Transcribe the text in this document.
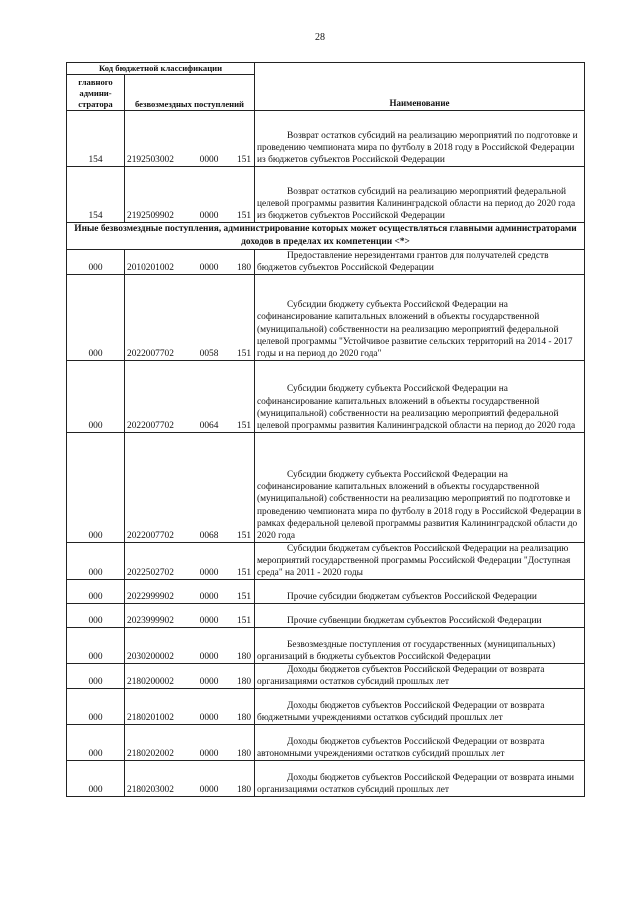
28
Код бюджетной классификации		Наименование
главного админи-стратора	безвозмездных поступлений	
154	2192503002 0000 151	Возврат остатков субсидий на реализацию мероприятий по подготовке и проведению чемпионата мира по футболу в 2018 году в Российской Федерации из бюджетов субъектов Российской Федерации
154	2192509902 0000 151	Возврат остатков субсидий на реализацию мероприятий федеральной целевой программы развития Калининградской области на период до 2020 года из бюджетов субъектов Российской Федерации
Иные безвозмездные поступления, администрирование которых может осуществляться главными администраторами доходов в пределах их компетенции <*>		
000	2010201002 0000 180	Предоставление нерезидентами грантов для получателей средств бюджетов субъектов Российской Федерации
000	2022007702 0058 151	Субсидии бюджету субъекта Российской Федерации на софинансирование капитальных вложений в объекты государственной (муниципальной) собственности на реализацию мероприятий федеральной целевой программы "Устойчивое развитие сельских территорий на 2014 - 2017 годы и на период до 2020 года"
000	2022007702 0064 151	Субсидии бюджету субъекта Российской Федерации на софинансирование капитальных вложений в объекты государственной (муниципальной) собственности на реализацию мероприятий федеральной целевой программы развития Калининградской области на период до 2020 года
000	2022007702 0068 151	Субсидии бюджету субъекта Российской Федерации на софинансирование капитальных вложений в объекты государственной (муниципальной) собственности на реализацию мероприятий по подготовке и проведению чемпионата мира по футболу в 2018 году в Российской Федерации в рамках федеральной целевой программы развития Калининградской области до 2020 года
000	2022502702 0000 151	Субсидии бюджетам субъектов Российской Федерации на реализацию мероприятий государственной программы Российской Федерации "Доступная среда" на 2011 - 2020 годы
000	2022999902 0000 151	Прочие субсидии бюджетам субъектов Российской Федерации
000	2023999902 0000 151	Прочие субвенции бюджетам субъектов Российской Федерации
000	2030200002 0000 180	Безвозмездные поступления от государственных (муниципальных) организаций в бюджеты субъектов Российской Федерации
000	2180200002 0000 180	Доходы бюджетов субъектов Российской Федерации от возврата организациями остатков субсидий прошлых лет
000	2180201002 0000 180	Доходы бюджетов субъектов Российской Федерации от возврата бюджетными учреждениями остатков субсидий прошлых лет
000	2180202002 0000 180	Доходы бюджетов субъектов Российской Федерации от возврата автономными учреждениями остатков субсидий прошлых лет
000	2180203002 0000 180	Доходы бюджетов субъектов Российской Федерации от возврата иными организациями остатков субсидий прошлых лет
